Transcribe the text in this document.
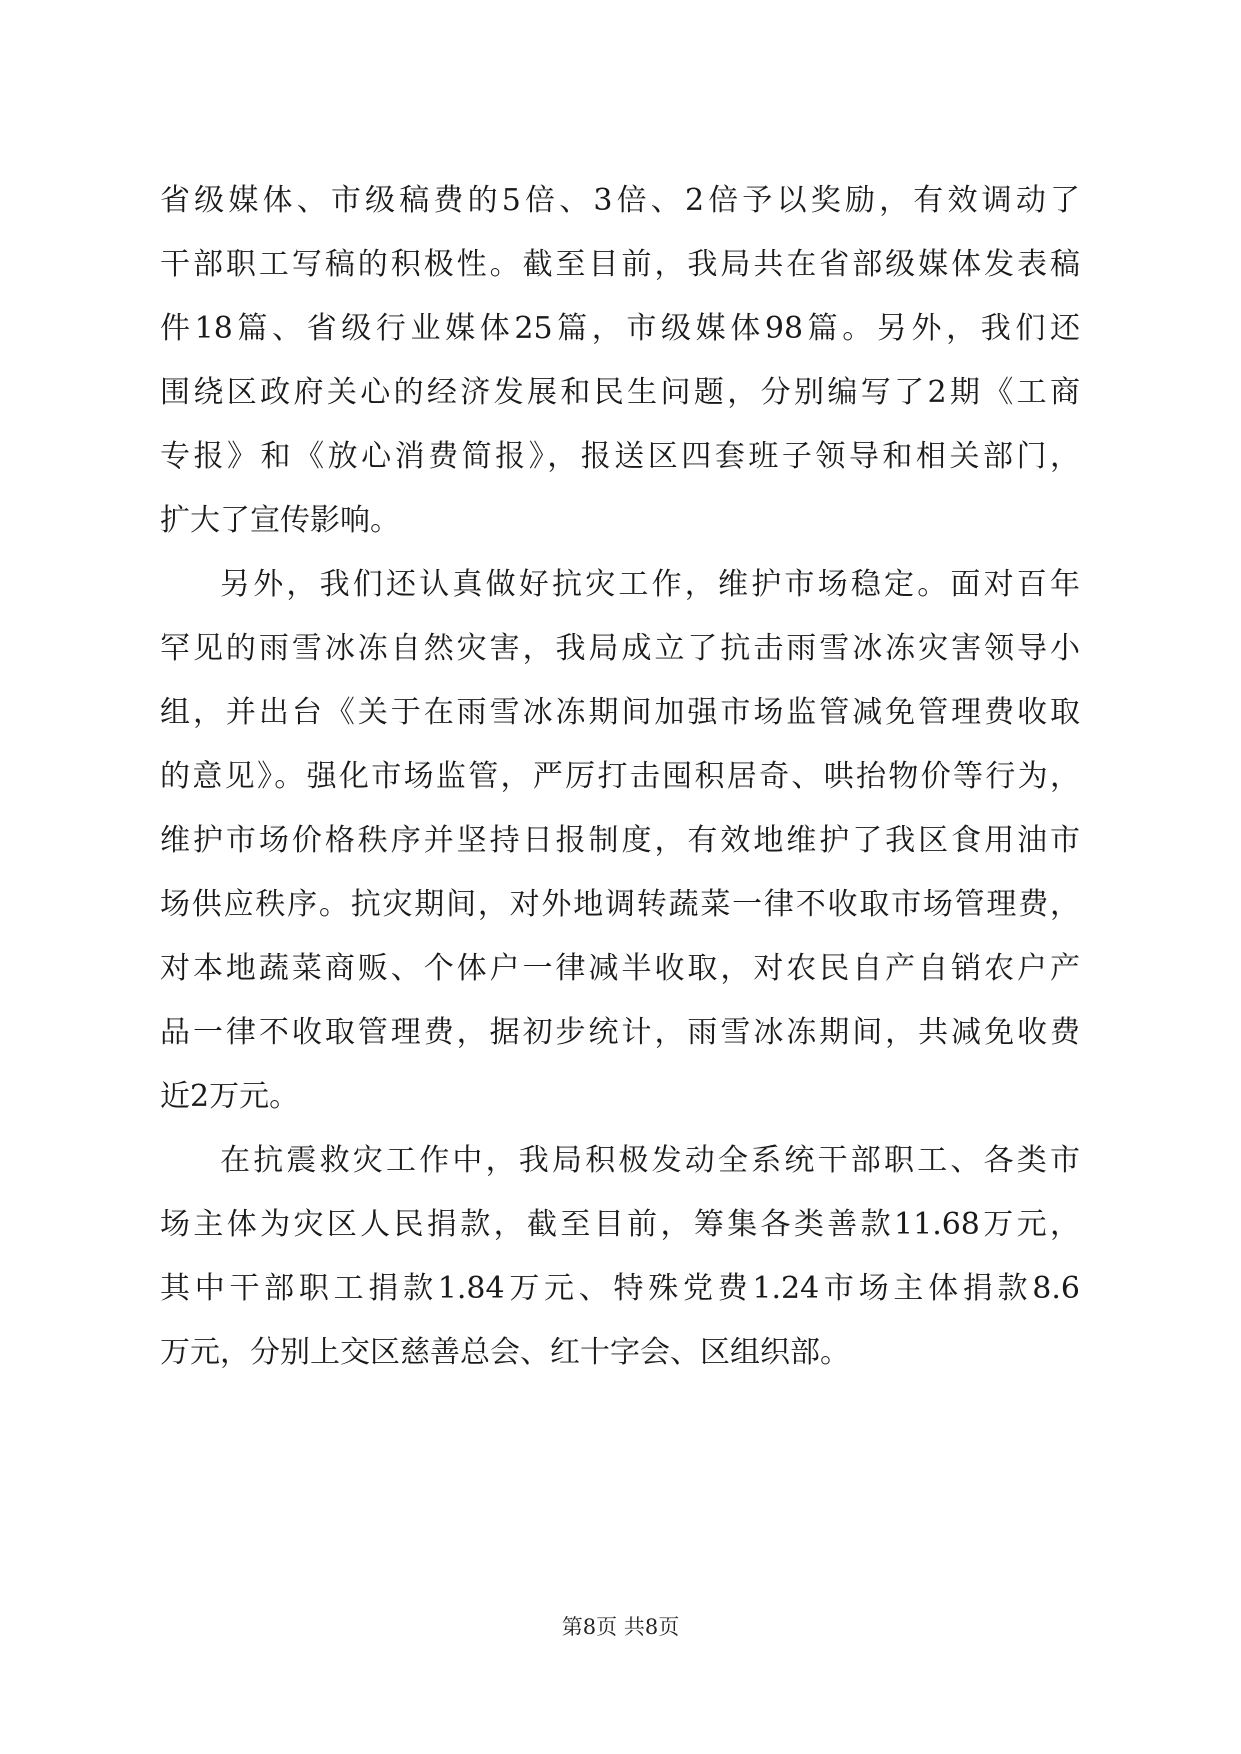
省级媒体、市级稿费的5倍、3倍、2倍予以奖励，有效调动了
干部职工写稿的积极性。截至目前，我局共在省部级媒体发表稿
件18篇、省级行业媒体25篇，市级媒体98篇。另外，我们还
围绕区政府关心的经济发展和民生问题，分别编写了2期《工商
专报》和《放心消费简报》，报送区四套班子领导和相关部门，
扩大了宣传影响。
另外，我们还认真做好抗灾工作，维护市场稳定。面对百年
罕见的雨雪冰冻自然灾害，我局成立了抗击雨雪冰冻灾害领导小
组，并出台《关于在雨雪冰冻期间加强市场监管减免管理费收取
的意见》。强化市场监管，严厉打击囤积居奇、哄抬物价等行为，
维护市场价格秩序并坚持日报制度，有效地维护了我区食用油市
场供应秩序。抗灾期间，对外地调转蔬菜一律不收取市场管理费，
对本地蔬菜商贩、个体户一律减半收取，对农民自产自销农户产
品一律不收取管理费，据初步统计，雨雪冰冻期间，共减免收费
近2万元。
在抗震救灾工作中，我局积极发动全系统干部职工、各类市
场主体为灾区人民捐款，截至目前，筹集各类善款11.68万元，
其中干部职工捐款1.84万元、特殊党费1.24市场主体捐款8.6
万元，分别上交区慈善总会、红十字会、区组织部。
第8页 共8页
